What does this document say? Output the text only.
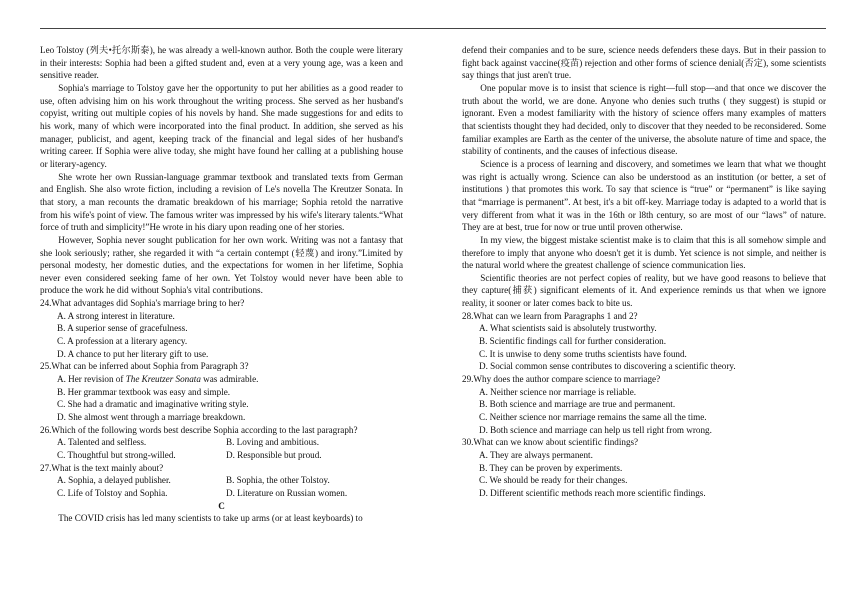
Leo Tolstoy (列夫•托尔斯泰), he was already a well-known author. Both the couple were literary in their interests: Sophia had been a gifted student and, even at a very young age, was a keen and sensitive reader.

Sophia's marriage to Tolstoy gave her the opportunity to put her abilities as a good reader to use, often advising him on his work throughout the writing process. She served as her husband's copyist, writing out multiple copies of his novels by hand. She made suggestions for and edits to his work, many of which were incorporated into the final product. In addition, she served as his manager, publicist, and agent, keeping track of the financial and legal sides of her husband's writing career. If Sophia were alive today, she might have found her calling at a publishing house or literary-agency.

She wrote her own Russian-language grammar textbook and translated texts from German and English. She also wrote fiction, including a revision of Le's novella The Kreutzer Sonata. In that story, a man recounts the dramatic breakdown of his marriage; Sophia retold the narrative from his wife's point of view. The famous writer was impressed by his wife's literary talents.“What force of truth and simplicity!”He wrote in his diary upon reading one of her stories.

However, Sophia never sought publication for her own work. Writing was not a fantasy that she look seriously; rather, she regarded it with “a certain contempt (轻蔑) and irony.”Limited by personal modesty, her domestic duties, and the expectations for women in her lifetime, Sophia never even considered seeking fame of her own. Yet Tolstoy would never have been able to produce the work he did without Sophia's vital contributions.

24.What advantages did Sophia's marriage bring to her?

A. A strong interest in literature.

B. A superior sense of gracefulness.

C. A profession at a literary agency.

D. A chance to put her literary gift to use.

25.What can be inferred about Sophia from Paragraph 3?

A. Her revision of The Kreutzer Sonata was admirable.

B. Her grammar textbook was easy and simple.

C. She had a dramatic and imaginative writing style.

D. She almost went through a marriage breakdown.

26.Which of the following words best describe Sophia according to the last paragraph?

A. Talented and selfless.	B. Loving and ambitious.
C. Thoughtful but strong-willed.	D. Responsible but proud.

27.What is the text mainly about?

A. Sophia, a delayed publisher.	B. Sophia, the other Tolstoy.
C. Life of Tolstoy and Sophia.	D. Literature on Russian women.

C

The COVID crisis has led many scientists to take up arms (or at least keyboards) to

defend their companies and to be sure, science needs defenders these days. But in their passion to fight back against vaccine(疫苗) rejection and other forms of science denial(否定), some scientists say things that just aren't true.

One popular move is to insist that science is right—full stop—and that once we discover the truth about the world, we are done. Anyone who denies such truths ( they suggest) is stupid or ignorant. Even a modest familiarity with the history of science offers many examples of matters that scientists thought they had decided, only to discover that they needed to be reconsidered. Some familiar examples are Earth as the center of the universe, the absolute nature of time and space, the stability of continents, and the causes of infectious disease.

Science is a process of learning and discovery, and sometimes we learn that what we thought was right is actually wrong. Science can also be understood as an institution (or better, a set of institutions ) that promotes this work. To say that science is “true” or “permanent” is like saying that “marriage is permanent”. At best, it's a bit off-key. Marriage today is adapted to a world that is very different from what it was in the 16th or l8th century, so are most of our “laws” of nature. They are at best, true for now or true until proven otherwise.

In my view, the biggest mistake scientist make is to claim that this is all somehow simple and therefore to imply that anyone who doesn't get it is dumb. Yet science is not simple, and neither is the natural world where the greatest challenge of science communication lies.

Scientific theories are not perfect copies of reality, but we have good reasons to believe that they capture(捕获) significant elements of it. And experience reminds us that when we ignore reality, it sooner or later comes back to bite us.

28.What can we learn from Paragraphs 1 and 2?

A. What scientists said is absolutely trustworthy.

B. Scientific findings call for further consideration.

C. It is unwise to deny some truths scientists have found.

D. Social common sense contributes to discovering a scientific theory.

29.Why does the author compare science to marriage?

A. Neither science nor marriage is reliable.

B. Both science and marriage are true and permanent.

C. Neither science nor marriage remains the same all the time.

D. Both science and marriage can help us tell right from wrong.

30.What can we know about scientific findings?

A. They are always permanent.

B. They can be proven by experiments.

C. We should be ready for their changes.

D. Different scientific methods reach more scientific findings.
